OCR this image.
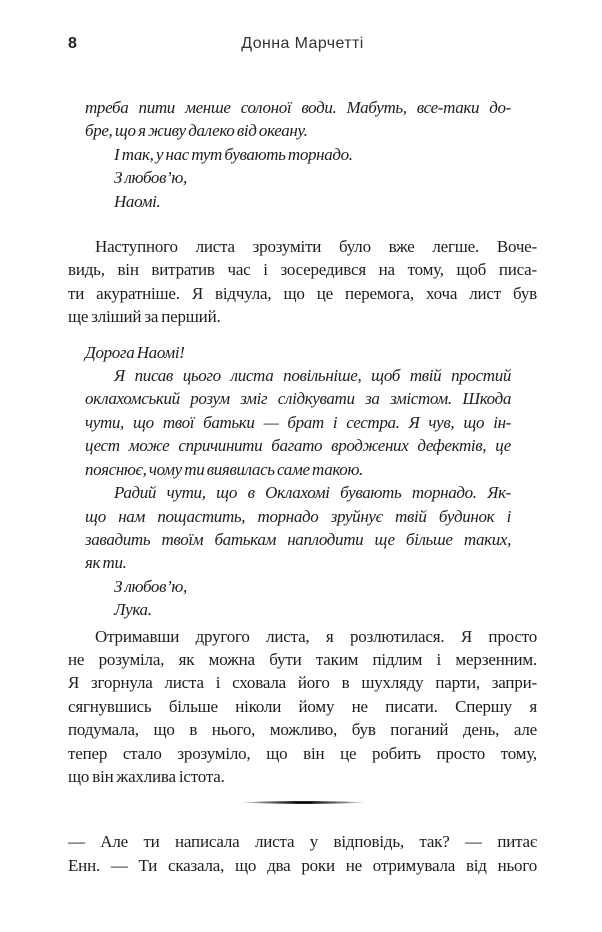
8	Донна Марчетті
треба пити менше солоної води. Мабуть, все-таки до-
бре, що я живу далеко від океану.
І так, у нас тут бувають торнадо.
З любов’ю,
Наомі.
Наступного листа зрозуміти було вже легше. Воче-
видь, він витратив час і зосередився на тому, щоб писа-
ти акуратніше. Я відчула, що це перемога, хоча лист був
ще зліший за перший.
Дорога Наомі!
Я писав цього листа повільніше, щоб твій простий
оклахомський розум зміг слідкувати за змістом. Шкода
чути, що твої батьки — брат і сестра. Я чув, що ін-
цест може спричинити багато вроджених дефектів, це
пояснює, чому ти виявилась саме такою.
Радий чути, що в Оклахомі бувають торнадо. Як-
що нам пощастить, торнадо зруйнує твій будинок і
завадить твоїм батькам наплодити ще більше таких,
як ти.
З любов’ю,
Лука.
Отримавши другого листа, я розлютилася. Я просто
не розуміла, як можна бути таким підлим і мерзенним.
Я згорнула листа і сховала його в шухляду парти, запри-
сягнувшись більше ніколи йому не писати. Спершу я
подумала, що в нього, можливо, був поганий день, але
тепер стало зрозуміло, що він це робить просто тому,
що він жахлива істота.
— Але ти написала листа у відповідь, так? — питає
Енн. — Ти сказала, що два роки не отримувала від нього
